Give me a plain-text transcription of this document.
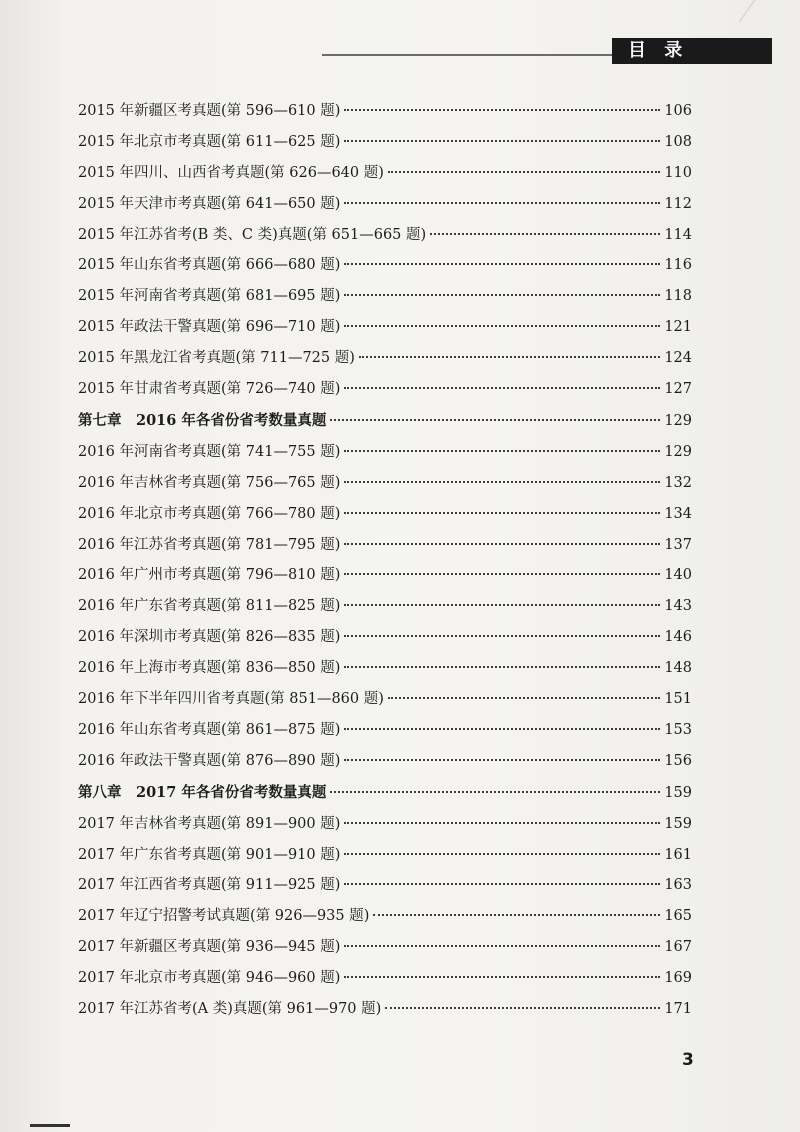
目 录
2015 年新疆区考真题(第 596—610 题)	106
2015 年北京市考真题(第 611—625 题)	108
2015 年四川、山西省考真题(第 626—640 题)	110
2015 年天津市考真题(第 641—650 题)	112
2015 年江苏省考(B 类、C 类)真题(第 651—665 题)	114
2015 年山东省考真题(第 666—680 题)	116
2015 年河南省考真题(第 681—695 题)	118
2015 年政法干警真题(第 696—710 题)	121
2015 年黑龙江省考真题(第 711—725 题)	124
2015 年甘肃省考真题(第 726—740 题)	127
第七章　2016 年各省份省考数量真题	129
2016 年河南省考真题(第 741—755 题)	129
2016 年吉林省考真题(第 756—765 题)	132
2016 年北京市考真题(第 766—780 题)	134
2016 年江苏省考真题(第 781—795 题)	137
2016 年广州市考真题(第 796—810 题)	140
2016 年广东省考真题(第 811—825 题)	143
2016 年深圳市考真题(第 826—835 题)	146
2016 年上海市考真题(第 836—850 题)	148
2016 年下半年四川省考真题(第 851—860 题)	151
2016 年山东省考真题(第 861—875 题)	153
2016 年政法干警真题(第 876—890 题)	156
第八章　2017 年各省份省考数量真题	159
2017 年吉林省考真题(第 891—900 题)	159
2017 年广东省考真题(第 901—910 题)	161
2017 年江西省考真题(第 911—925 题)	163
2017 年辽宁招警考试真题(第 926—935 题)	165
2017 年新疆区考真题(第 936—945 题)	167
2017 年北京市考真题(第 946—960 题)	169
2017 年江苏省考(A 类)真题(第 961—970 题)	171
3
